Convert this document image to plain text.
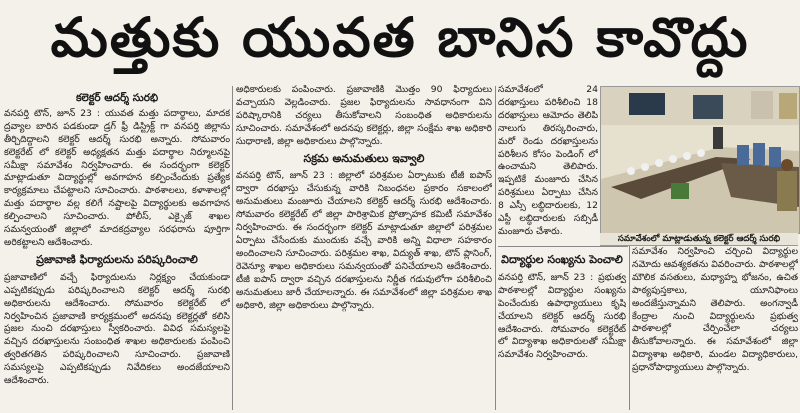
మత్తుకు యువత బానిస కావొద్దు
కలెక్టర్ ఆదర్శ్ సురభి

వనపర్తి టౌన్, జూన్ 23 : యువత మత్తు పదార్థాలు, మాదక ద్రవ్యాల బారిన పడకుండా డ్రగ్ ఫ్రీ డిస్ట్రిక్ట్ గా వనపర్తి జిల్లాను తీర్చిదిద్దాలని కలెక్టర్ ఆదర్శ్ సురభి అన్నారు. సోమవారం కలెక్టరేట్ లో కలెక్టర్ అధ్యక్షతన మత్తు పదార్థాల నిర్మూలనపై సమీక్షా సమావేశం నిర్వహించారు. ఈ సందర్భంగా కలెక్టర్ మాట్లాడుతూ విద్యార్థుల్లో అవగాహన కల్పించేందుకు ప్రత్యేక కార్యక్రమాలు చేపట్టాలని సూచించారు. పాఠశాలలు, కళాశాలల్లో మత్తు పదార్థాల వల్ల కలిగే నష్టాలపై విద్యార్థులకు అవగాహన కల్పించాలని సూచించారు. పోలీస్, ఎక్సైజ్ శాఖల సమన్వయంతో జిల్లాలో మాదకద్రవ్యాల సరఫరాను పూర్తిగా అరికట్టాలని ఆదేశించారు.

ప్రజావాణి ఫిర్యాదులను పరిష్కరించాలి

ప్రజావాణిలో వచ్చే ఫిర్యాదులను నిర్లక్ష్యం చేయకుండా ఎప్పటికప్పుడు పరిష్కరించాలని కలెక్టర్ ఆదర్శ్ సురభి అధికారులను ఆదేశించారు. సోమవారం కలెక్టరేట్ లో నిర్వహించిన ప్రజావాణి కార్యక్రమంలో అదనపు కలెక్టర్లతో కలిసి ప్రజల నుంచి దరఖాస్తులు స్వీకరించారు. వివిధ సమస్యలపై వచ్చిన దరఖాస్తులను సంబంధిత శాఖల అధికారులకు పంపించి త్వరితగతిన పరిష్కరించాలని సూచించారు. ప్రజావాణి సమస్యలపై ఎప్పటికప్పుడు నివేదికలు అందజేయాలని ఆదేశించారు.

అధికారులకు పంపించారు. ప్రజావాణికి మొత్తం 90 ఫిర్యాదులు వచ్చాయని వెల్లడించారు. ప్రజల ఫిర్యాదులను సావధానంగా విని పరిష్కారానికి చర్యలు తీసుకోవాలని సంబంధిత అధికారులను సూచించారు. సమావేశంలో అదనపు కలెక్టర్లు, జిల్లా సంక్షేమ శాఖ అధికారి సుధారాణి, జిల్లా అధికారులు పాల్గొన్నారు.

సక్రమ అనుమతులు ఇవ్వాలి

వనపర్తి టౌన్, జూన్ 23 : జిల్లాలో పరిశ్రమల ఏర్పాటుకు టీజీ ఐపాస్ ద్వారా దరఖాస్తు చేసుకున్న వారికి నిబంధనల ప్రకారం సకాలంలో అనుమతులు మంజూరు చేయాలని కలెక్టర్ ఆదర్శ్ సురభి ఆదేశించారు. సోమవారం కలెక్టరేట్ లో జిల్లా పారిశ్రామిక ప్రోత్సాహక కమిటీ సమావేశం నిర్వహించారు. ఈ సందర్భంగా కలెక్టర్ మాట్లాడుతూ జిల్లాలో పరిశ్రమల ఏర్పాటు చేసేందుకు ముందుకు వచ్చే వారికి అన్ని విధాలా సహకారం అందించాలని సూచించారు. పరిశ్రమల శాఖ, విద్యుత్ శాఖ, టౌన్ ప్లానింగ్, రెవెన్యూ శాఖల అధికారులు సమన్వయంతో పనిచేయాలని ఆదేశించారు. టీజీ ఐపాస్ ద్వారా వచ్చిన దరఖాస్తులను నిర్ణీత గడువులోగా పరిశీలించి అనుమతులు జారీ చేయాలన్నారు. ఈ సమావేశంలో జిల్లా పరిశ్రమల శాఖ అధికారి, జిల్లా అధికారులు పాల్గొన్నారు.

సమావేశంలో 24 దరఖాస్తులు పరిశీలించి 18 దరఖాస్తులు ఆమోదం తెలిపి నాలుగు తిరస్కరించారు, మరో రెండు దరఖాస్తులను పరిశీలన కోసం పెండింగ్ లో ఉంచామని తెలిపారు. ఇప్పటికే మంజూరు చేసిన పరిశ్రమలు ఏర్పాటు చేసిన 8 ఎస్సీ లబ్ధిదారులకు, 12 ఎస్టీ లబ్ధిదారులకు సబ్సిడీ మంజూరు చేశారు.

సమావేశంలో మాట్లాడుతున్న కలెక్టర్ ఆదర్శ్ సురభి
విద్యార్థుల సంఖ్యను పెంచాలి

వనపర్తి టౌన్, జూన్ 23 : ప్రభుత్వ పాఠశాలల్లో విద్యార్థుల సంఖ్యను పెంచేందుకు ఉపాధ్యాయులు కృషి చేయాలని కలెక్టర్ ఆదర్శ్ సురభి ఆదేశించారు. సోమవారం కలెక్టరేట్ లో విద్యాశాఖ అధికారులతో సమీక్షా సమావేశం నిర్వహించారు.

సమావేశం నిర్వహించి చర్చించి విద్యార్థుల నమోదు ఆవశ్యకతను వివరించారు. పాఠశాలల్లో మౌలిక వసతులు, మధ్యాహ్న భోజనం, ఉచిత పాఠ్యపుస్తకాలు, యూనిఫాంలు అందజేస్తున్నామని తెలిపారు. అంగన్వాడీ కేంద్రాల నుంచి విద్యార్థులను ప్రభుత్వ పాఠశాలల్లో చేర్పించేలా చర్యలు తీసుకోవాలన్నారు. ఈ సమావేశంలో జిల్లా విద్యాశాఖ అధికారి, మండల విద్యాధికారులు, ప్రధానోపాధ్యాయులు పాల్గొన్నారు.
